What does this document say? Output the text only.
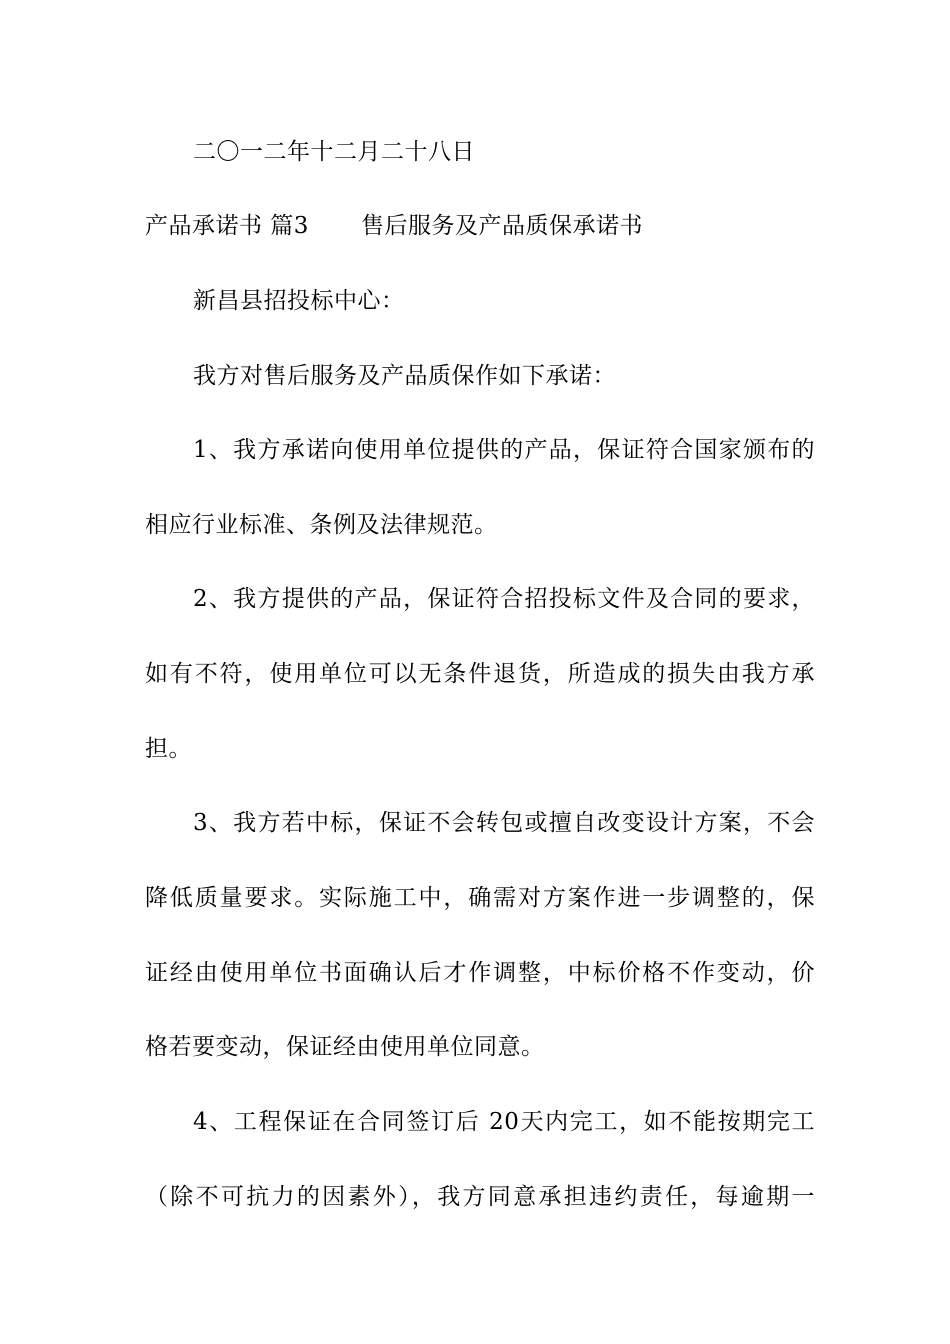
二〇一二年十二月二十八日
产品承诺书 篇3 售后服务及产品质保承诺书
新昌县招投标中心：
我方对售后服务及产品质保作如下承诺：
1、我方承诺向使用单位提供的产品，保证符合国家颁布的
相应行业标准、条例及法律规范。
2、我方提供的产品，保证符合招投标文件及合同的要求，
如有不符，使用单位可以无条件退货，所造成的损失由我方承
担。
3、我方若中标，保证不会转包或擅自改变设计方案，不会
降低质量要求。实际施工中，确需对方案作进一步调整的，保
证经由使用单位书面确认后才作调整，中标价格不作变动，价
格若要变动，保证经由使用单位同意。
4、工程保证在合同签订后 20天内完工，如不能按期完工
（除不可抗力的因素外），我方同意承担违约责任，每逾期一
